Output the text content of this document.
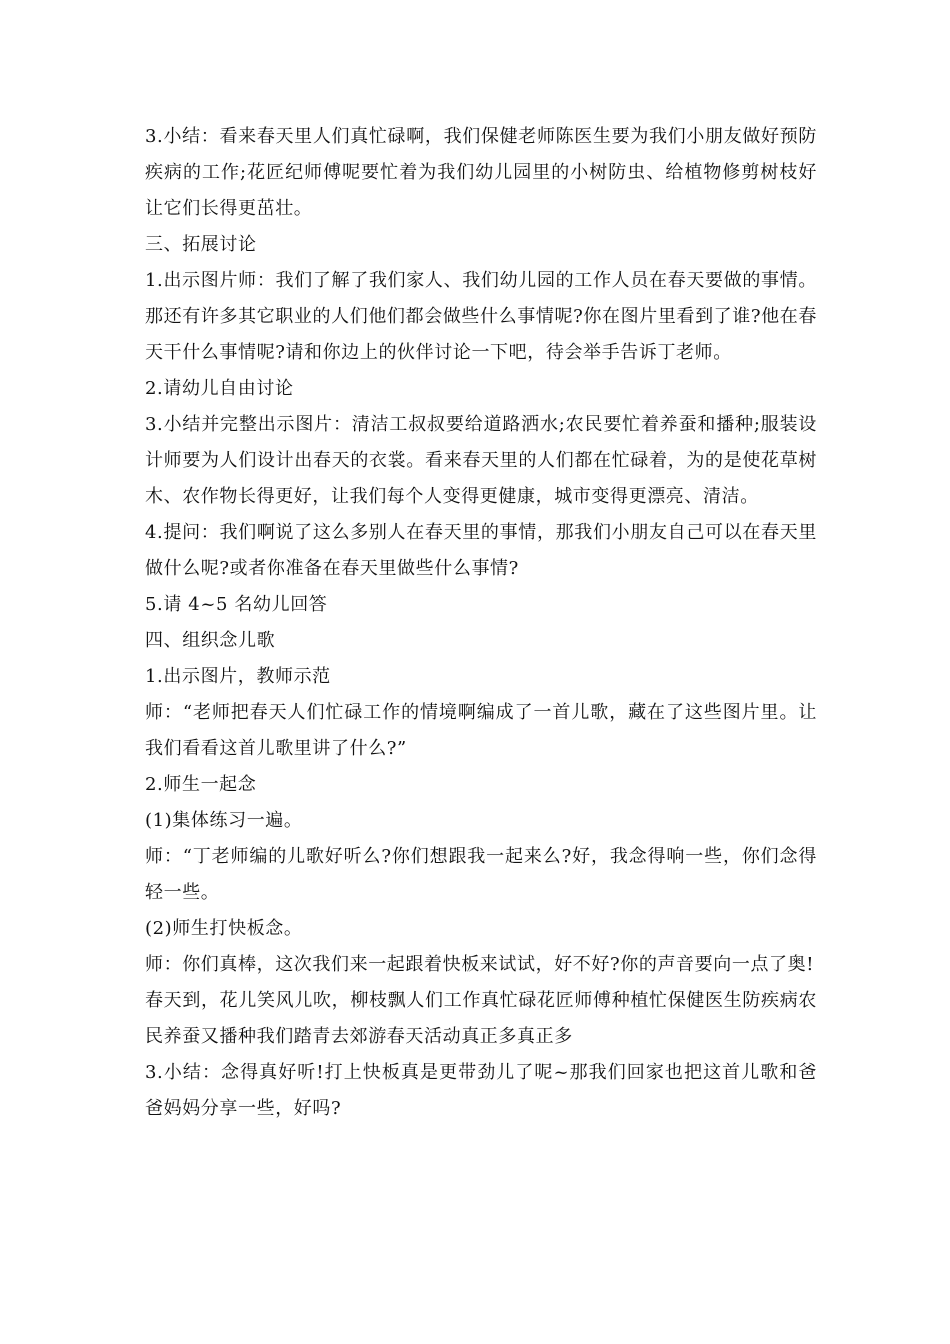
3.小结：看来春天里人们真忙碌啊，我们保健老师陈医生要为我们小朋友做好预防疾病的工作;花匠纪师傅呢要忙着为我们幼儿园里的小树防虫、给植物修剪树枝好让它们长得更茁壮。

三、拓展讨论

1.出示图片师：我们了解了我们家人、我们幼儿园的工作人员在春天要做的事情。那还有许多其它职业的人们他们都会做些什么事情呢?你在图片里看到了谁?他在春天干什么事情呢?请和你边上的伙伴讨论一下吧，待会举手告诉丁老师。

2.请幼儿自由讨论

3.小结并完整出示图片：清洁工叔叔要给道路洒水;农民要忙着养蚕和播种;服装设计师要为人们设计出春天的衣裳。看来春天里的人们都在忙碌着，为的是使花草树木、农作物长得更好，让我们每个人变得更健康，城市变得更漂亮、清洁。

4.提问：我们啊说了这么多别人在春天里的事情，那我们小朋友自己可以在春天里做什么呢?或者你准备在春天里做些什么事情?

5.请 4~5 名幼儿回答

四、组织念儿歌

1.出示图片，教师示范

师：“老师把春天人们忙碌工作的情境啊编成了一首儿歌，藏在了这些图片里。让我们看看这首儿歌里讲了什么?”

2.师生一起念

(1)集体练习一遍。

师：“丁老师编的儿歌好听么?你们想跟我一起来么?好，我念得响一些，你们念得轻一些。

(2)师生打快板念。

师：你们真棒，这次我们来一起跟着快板来试试，好不好?你的声音要向一点了奥!

春天到，花儿笑风儿吹，柳枝飘人们工作真忙碌花匠师傅种植忙保健医生防疾病农民养蚕又播种我们踏青去郊游春天活动真正多真正多

3.小结：念得真好听!打上快板真是更带劲儿了呢~那我们回家也把这首儿歌和爸爸妈妈分享一些，好吗?
